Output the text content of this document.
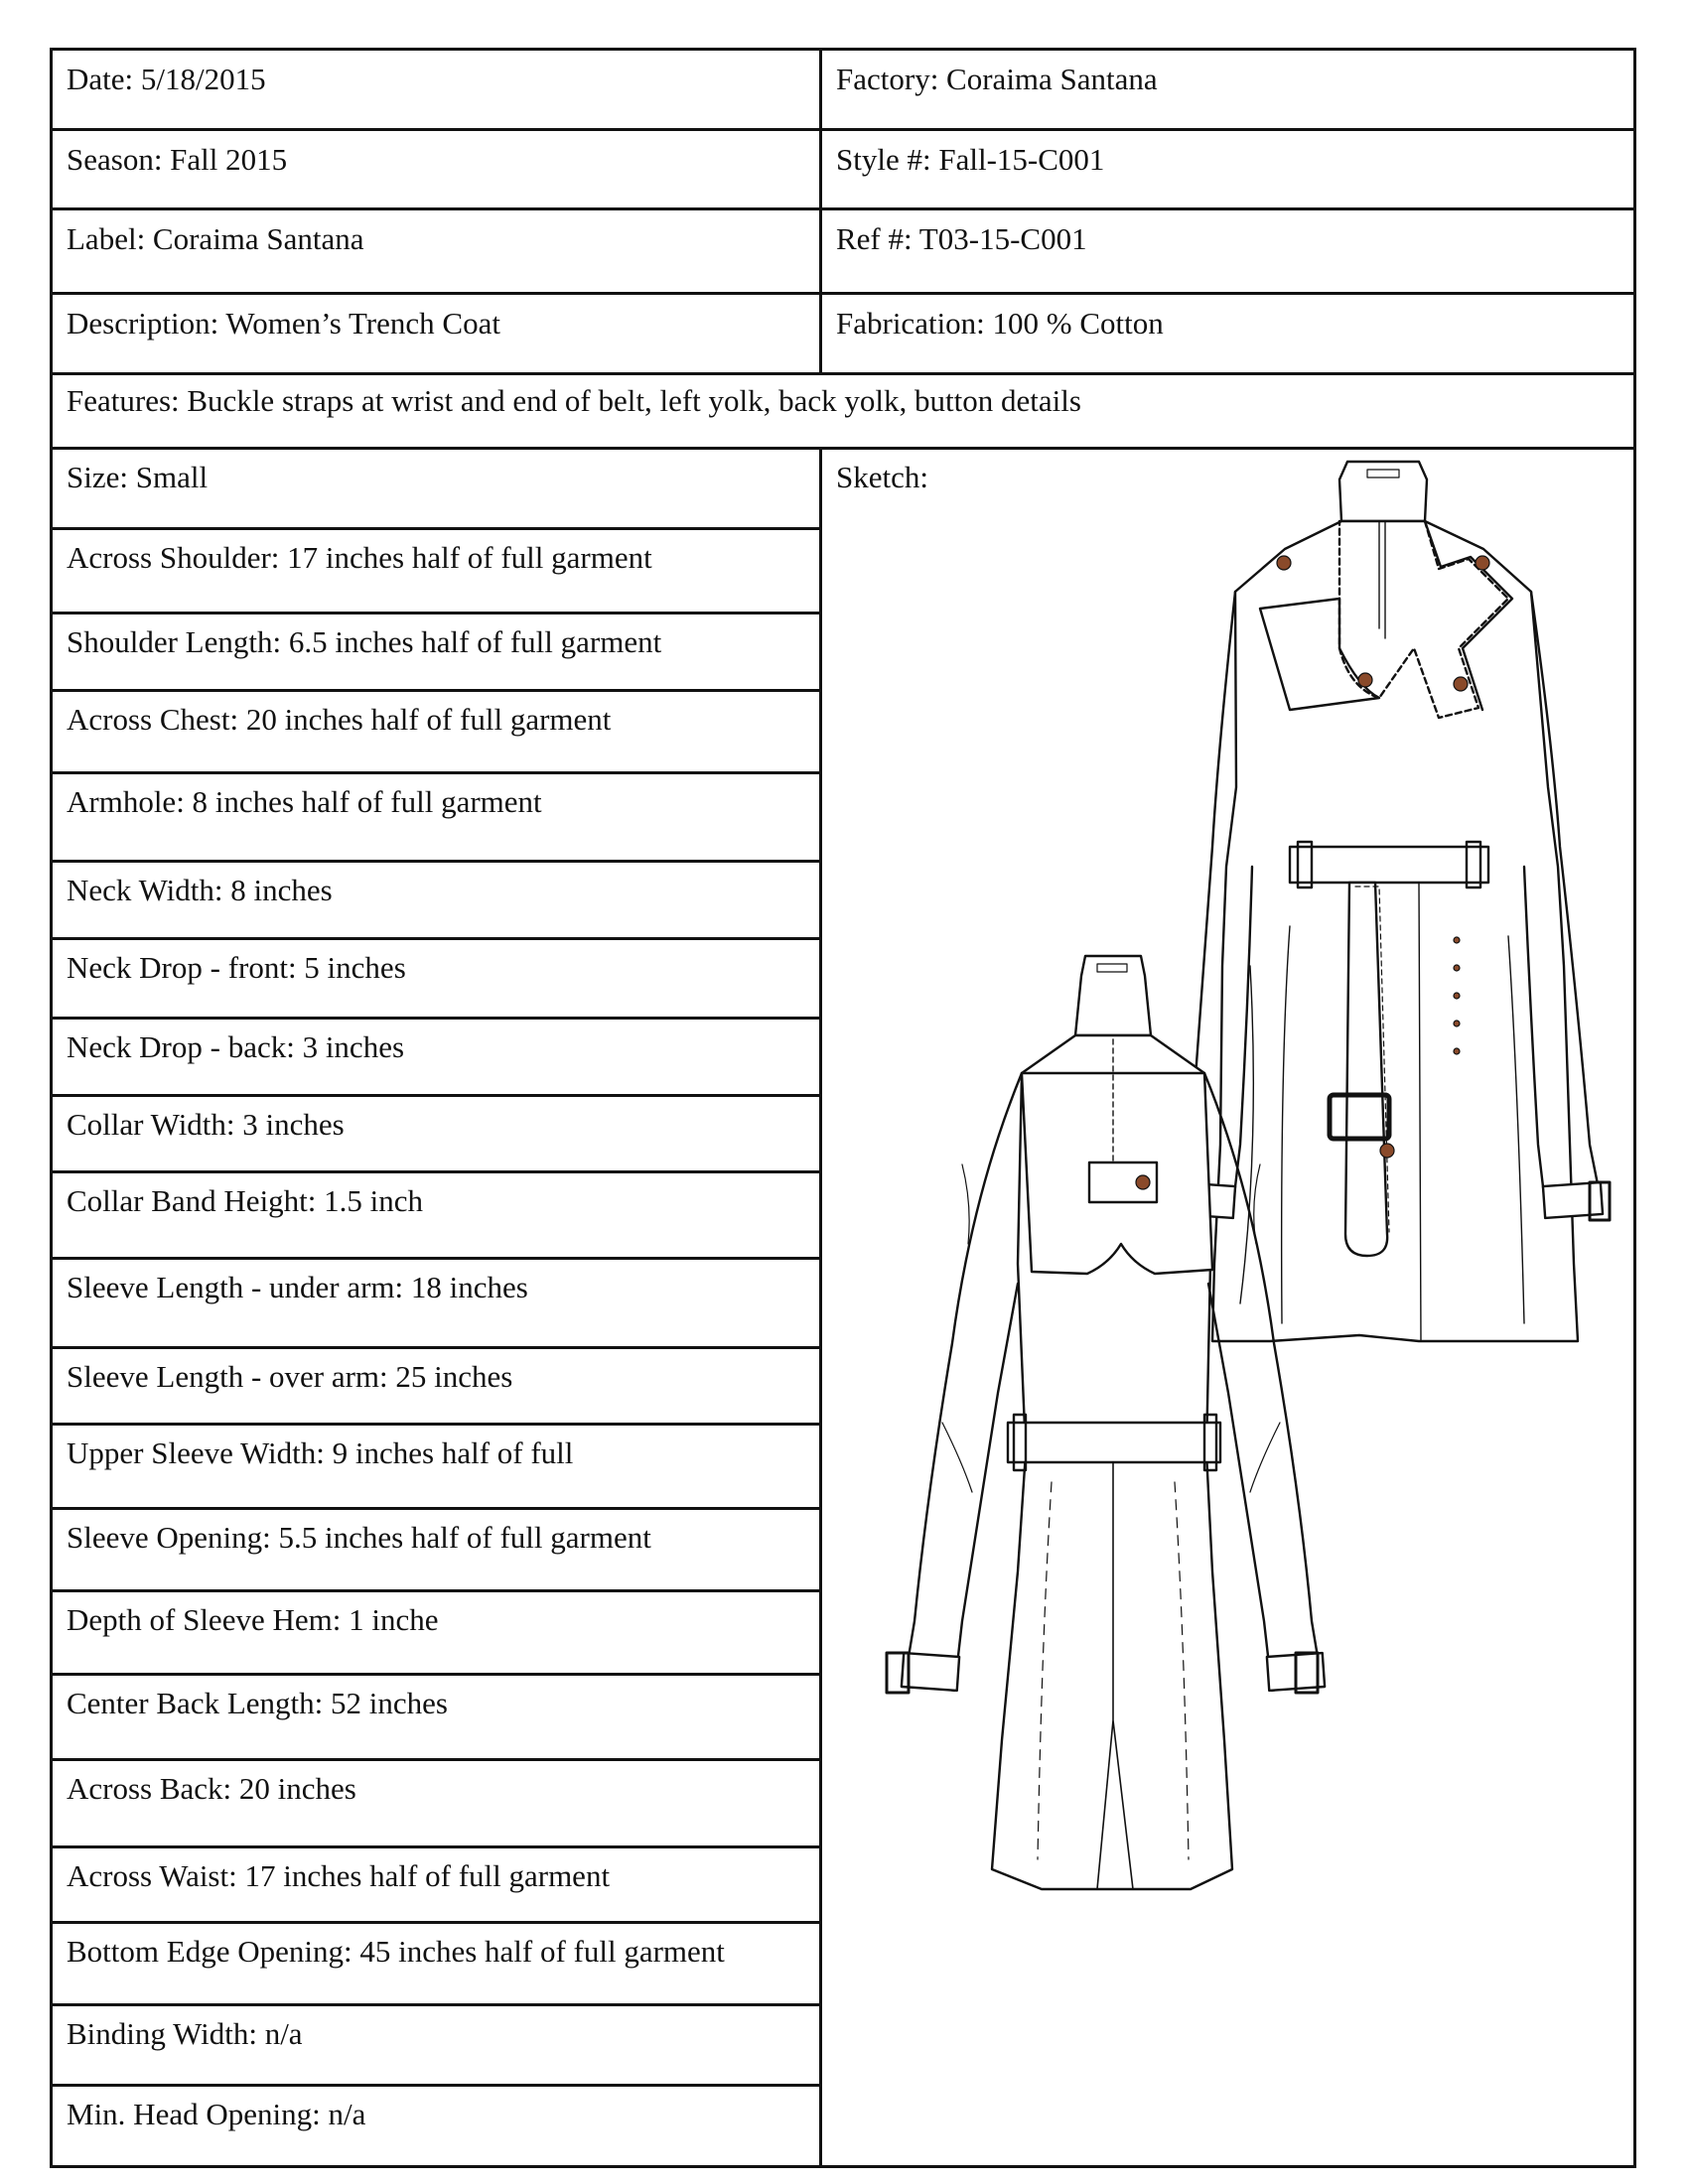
Date: 5/18/2015	Factory: Coraima Santana
Season: Fall 2015	Style #: Fall-15-C001
Label: Coraima Santana	Ref #: T03-15-C001
Description: Women’s Trench Coat	Fabrication: 100 % Cotton
Features: Buckle straps at wrist and end of belt, left yolk, back yolk, button details
Size: Small
Across Shoulder: 17 inches half of full garment
Shoulder Length: 6.5 inches half of full garment
Across Chest: 20 inches half of full garment
Armhole: 8 inches half of full garment
Neck Width: 8 inches
Neck Drop - front: 5 inches
Neck Drop - back: 3 inches
Collar Width: 3 inches
Collar Band Height: 1.5 inch
Sleeve Length - under arm: 18 inches
Sleeve Length - over arm: 25 inches
Upper Sleeve Width: 9 inches half of full
Sleeve Opening: 5.5 inches half of full garment
Depth of Sleeve Hem: 1 inche
Center Back Length: 52 inches
Across Back: 20 inches
Across Waist: 17 inches half of full garment
Bottom Edge Opening: 45 inches half of full garment
Binding Width: n/a
Min. Head Opening: n/a
Sketch:
